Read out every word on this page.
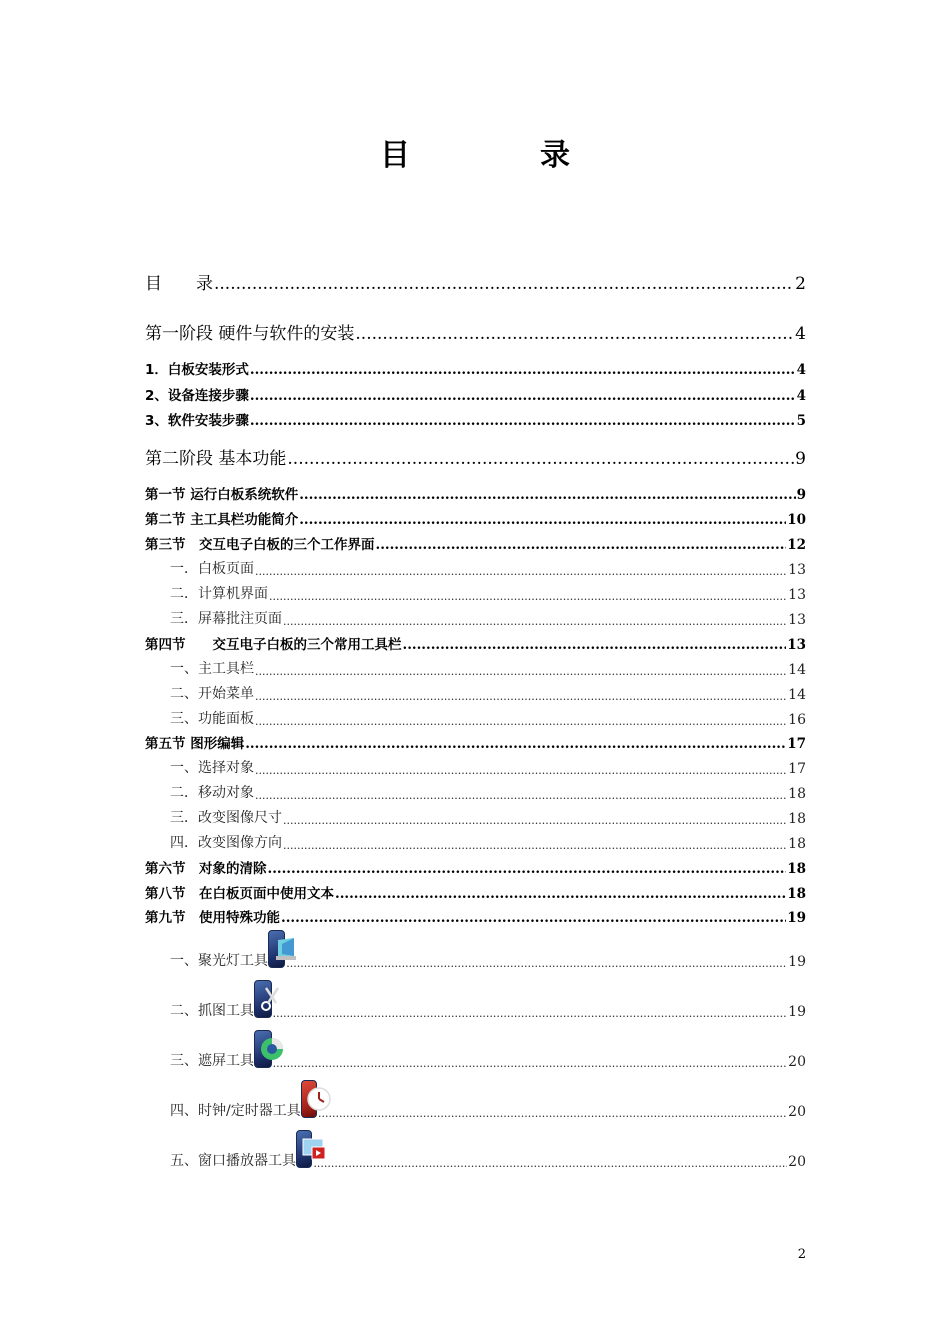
目	录
目　　录 .....	2
第一阶段 硬件与软件的安装 .....	4
1．白板安装形式 .....	4
2、设备连接步骤 .....	4
3、软件安装步骤 .....	5
第二阶段 基本功能 .....	9
第一节 运行白板系统软件 .....	9
第二节 主工具栏功能简介 .....	10
第三节　交互电子白板的三个工作界面 .....	12
一．白板页面 .....	13
二．计算机界面 .....	13
三．屏幕批注页面 .....	13
第四节　　交互电子白板的三个常用工具栏 .....	13
一、主工具栏 .....	14
二、开始菜单 .....	14
三、功能面板 .....	16
第五节 图形编辑 .....	17
一、选择对象 .....	17
二．移动对象 .....	18
三．改变图像尺寸 .....	18
四．改变图像方向 .....	18
第六节　对象的清除 .....	18
第八节　在白板页面中使用文本 .....	18
第九节　使用特殊功能 .....	19
一、聚光灯工具 .....	19
二、抓图工具 .....	19
三、遮屏工具 .....	20
四、时钟/定时器工具 .....	20
五、窗口播放器工具 .....	20
2
